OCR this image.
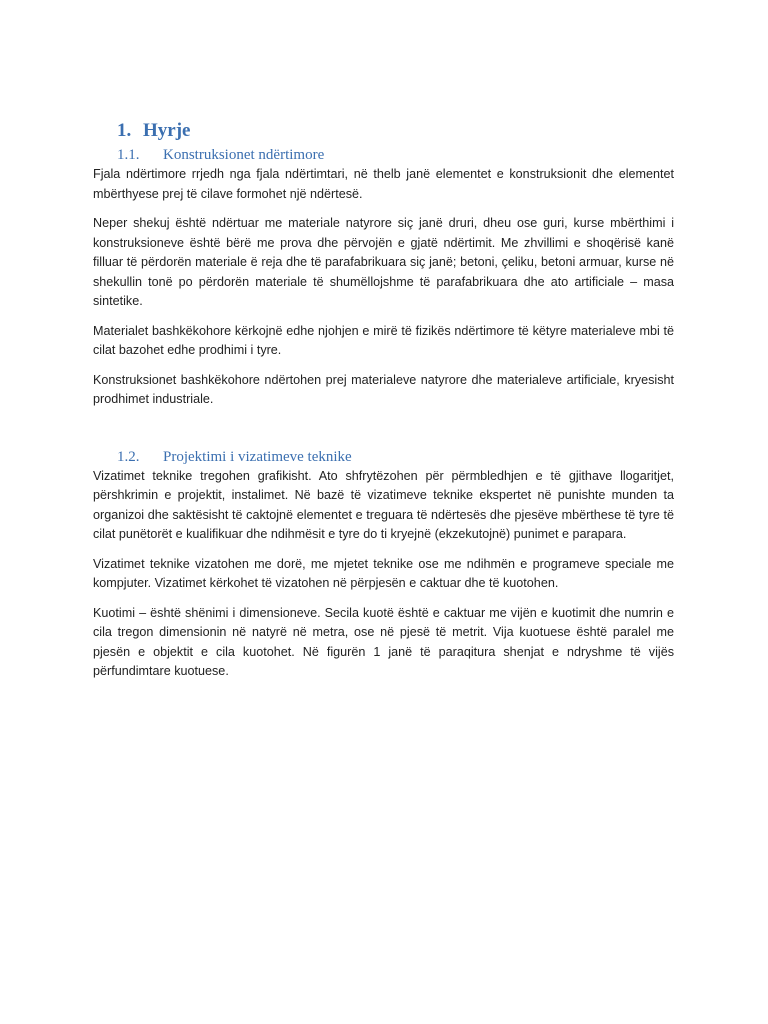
1. Hyrje
1.1. Konstruksionet ndërtimore

Fjala ndërtimore rrjedh nga fjala ndërtimtari, në thelb janë elementet e konstruksionit dhe elementet mbërthyese prej të cilave formohet një ndërtesë.

Neper shekuj është ndërtuar me materiale natyrore siç janë druri, dheu ose guri, kurse mbërthimi i konstruksioneve është bërë me prova dhe përvojën e gjatë ndërtimit. Me zhvillimi e shoqërisë kanë filluar të përdorën materiale ë reja dhe të parafabrikuara siç janë; betoni, çeliku, betoni armuar, kurse në shekullin tonë po përdorën materiale të shumëllojshme të parafabrikuara dhe ato artificiale – masa sintetike.

Materialet bashkëkohore kërkojnë edhe njohjen e mirë të fizikës ndërtimore të këtyre materialeve mbi të cilat bazohet edhe prodhimi i tyre.

Konstruksionet bashkëkohore ndërtohen prej materialeve natyrore dhe materialeve artificiale, kryesisht prodhimet industriale.

1.2. Projektimi i vizatimeve teknike

Vizatimet teknike tregohen grafikisht. Ato shfrytëzohen për përmbledhjen e të gjithave llogaritjet, përshkrimin e projektit, instalimet. Në bazë të vizatimeve teknike ekspertet në punishte munden ta organizoi dhe saktësisht të caktojnë elementet e treguara të ndërtesës dhe pjesëve mbërthese të tyre të cilat punëtorët e kualifikuar dhe ndihmësit e tyre do ti kryejnë (ekzekutojnë) punimet e parapara.

Vizatimet teknike vizatohen me dorë, me mjetet teknike ose me ndihmën e programeve speciale me kompjuter. Vizatimet kërkohet të vizatohen në përpjesën e caktuar dhe të kuotohen.

Kuotimi – është shënimi i dimensioneve. Secila kuotë është e caktuar me vijën e kuotimit dhe numrin e cila tregon dimensionin në natyrë në metra, ose në pjesë të metrit. Vija kuotuese është paralel me pjesën e objektit e cila kuotohet. Në figurën 1 janë të paraqitura shenjat e ndryshme të vijës përfundimtare kuotuese.
